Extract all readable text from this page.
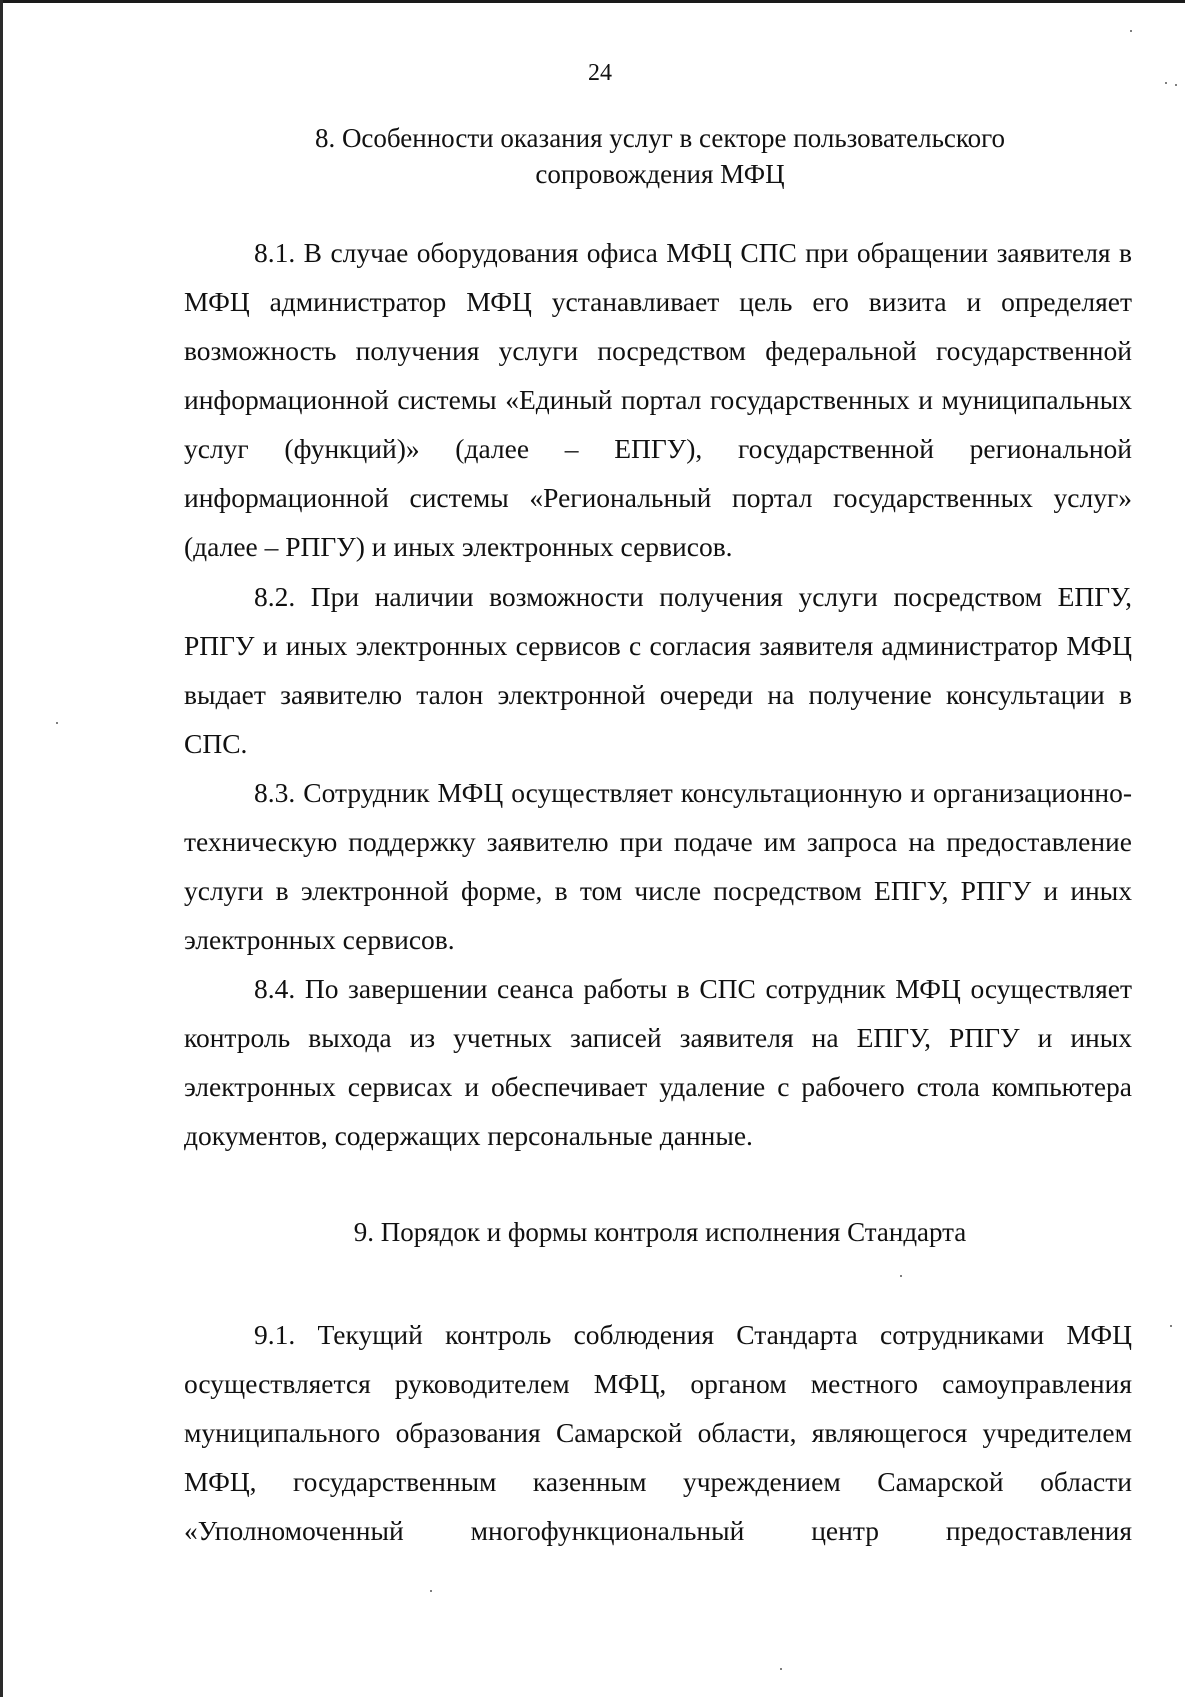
24
8. Особенности оказания услуг в секторе пользовательского сопровождения МФЦ

8.1. В случае оборудования офиса МФЦ СПС при обращении заявителя в МФЦ администратор МФЦ устанавливает цель его визита и определяет возможность получения услуги посредством федеральной государственной информационной системы «Единый портал государственных и муниципальных услуг (функций)» (далее – ЕПГУ), государственной региональной информационной системы «Региональный портал государственных услуг» (далее – РПГУ) и иных электронных сервисов.

8.2. При наличии возможности получения услуги посредством ЕПГУ, РПГУ и иных электронных сервисов с согласия заявителя администратор МФЦ выдает заявителю талон электронной очереди на получение консультации в СПС.

8.3. Сотрудник МФЦ осуществляет консультационную и организационно-техническую поддержку заявителю при подаче им запроса на предоставление услуги в электронной форме, в том числе посредством ЕПГУ, РПГУ и иных электронных сервисов.

8.4. По завершении сеанса работы в СПС сотрудник МФЦ осуществляет контроль выхода из учетных записей заявителя на ЕПГУ, РПГУ и иных электронных сервисах и обеспечивает удаление с рабочего стола компьютера документов, содержащих персональные данные.

9. Порядок и формы контроля исполнения Стандарта

9.1. Текущий контроль соблюдения Стандарта сотрудниками МФЦ осуществляется руководителем МФЦ, органом местного самоуправления муниципального образования Самарской области, являющегося учредителем МФЦ, государственным казенным учреждением Самарской области «Уполномоченный многофункциональный центр предоставления
